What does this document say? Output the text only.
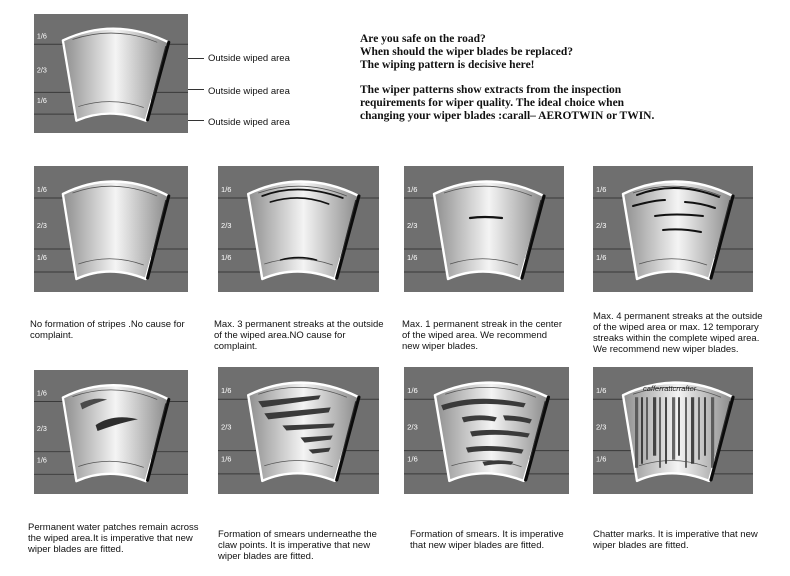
1/6
2/3
1/6
Outside wiped area
Outside wiped area
Outside wiped area

Are you safe on the road?
When should the wiper blades be replaced?
The wiping pattern is decisive here!

The wiper patterns show extracts from the inspection requirements for wiper quality. The ideal choice when changing your wiper blades :carall– AEROTWIN or TWIN.

1/6
2/3
1/6
1/6
2/3
1/6
1/6
2/3
1/6
1/6
2/3
1/6

No formation of stripes .No cause for complaint.

Max. 3 permanent streaks at the outside of the wiped area.NO cause for complaint.

Max. 1 permanent streak in the center of the wiped area. We recommend new wiper blades.

Max. 4 permanent streaks at the outside of the wiped area or max. 12 temporary streaks within the complete wiped area. We recommend new wiper blades.

1/6
2/3
1/6
1/6
2/3
1/6
1/6
2/3
1/6
cafferrattcrrafter
1/6
2/3
1/6

Permanent water patches remain across the wiped area.It is imperative that new wiper blades are fitted.

Formation of smears underneathe the claw points. It is imperative that new wiper blades are fitted.

Formation of smears. It is imperative that new wiper blades are fitted.

Chatter marks. It is imperative that new wiper blades are fitted.
